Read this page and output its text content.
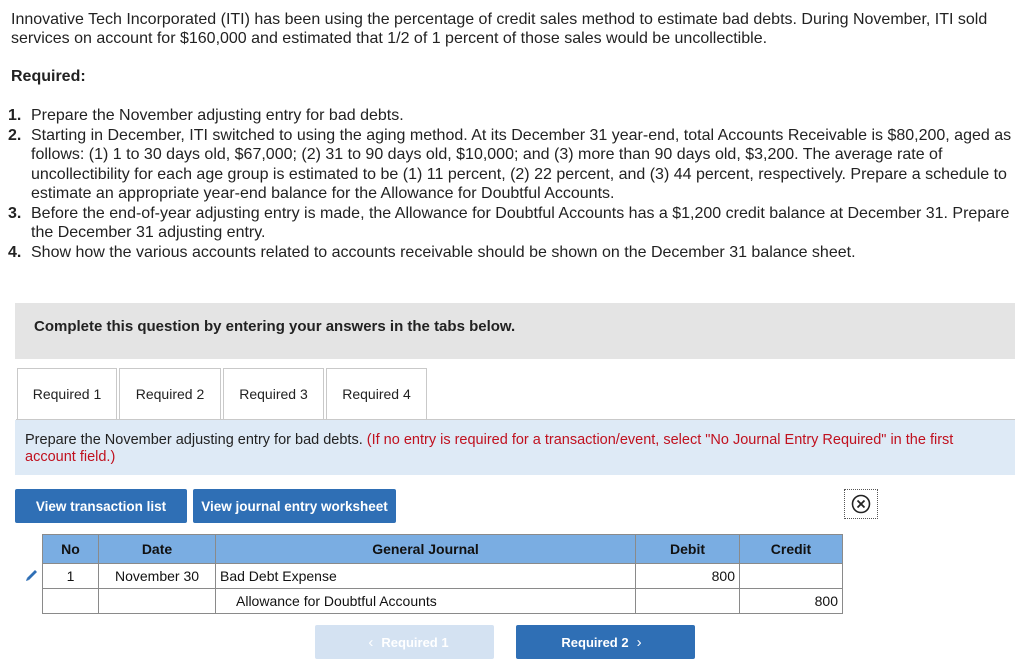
Innovative Tech Incorporated (ITI) has been using the percentage of credit sales method to estimate bad debts. During November, ITI sold services on account for $160,000 and estimated that 1/2 of 1 percent of those sales would be uncollectible.
Required:
1. Prepare the November adjusting entry for bad debts.
2. Starting in December, ITI switched to using the aging method. At its December 31 year-end, total Accounts Receivable is $80,200, aged as follows: (1) 1 to 30 days old, $67,000; (2) 31 to 90 days old, $10,000; and (3) more than 90 days old, $3,200. The average rate of uncollectibility for each age group is estimated to be (1) 11 percent, (2) 22 percent, and (3) 44 percent, respectively. Prepare a schedule to estimate an appropriate year-end balance for the Allowance for Doubtful Accounts.
3. Before the end-of-year adjusting entry is made, the Allowance for Doubtful Accounts has a $1,200 credit balance at December 31. Prepare the December 31 adjusting entry.
4. Show how the various accounts related to accounts receivable should be shown on the December 31 balance sheet.
Complete this question by entering your answers in the tabs below.
Required 1	Required 2	Required 3	Required 4
Prepare the November adjusting entry for bad debts. (If no entry is required for a transaction/event, select "No Journal Entry Required" in the first account field.)
View transaction list	View journal entry worksheet
No	Date	General Journal	Debit	Credit
1	November 30	Bad Debt Expense	800	
		Allowance for Doubtful Accounts		800
‹ Required 1	Required 2 ›
